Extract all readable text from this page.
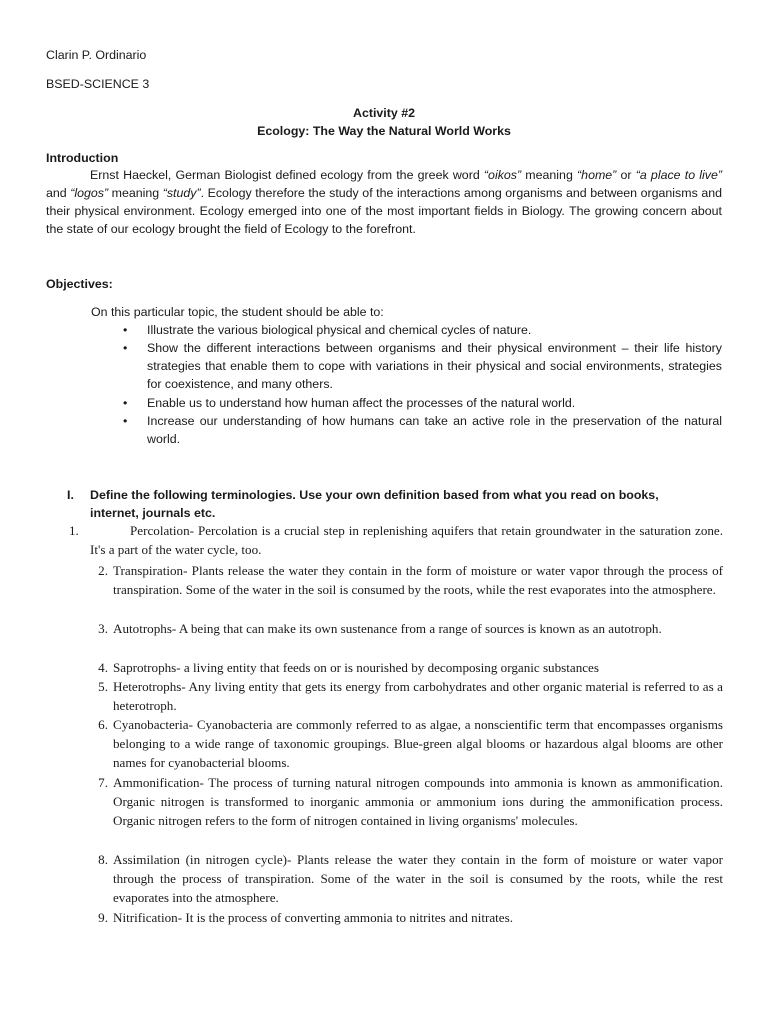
Clarin P. Ordinario
BSED-SCIENCE 3
Activity #2
Ecology: The Way the Natural World Works
Introduction
Ernst Haeckel, German Biologist defined ecology from the greek word “oikos” meaning “home” or “a place to live” and “logos” meaning “study”. Ecology therefore the study of the interactions among organisms and between organisms and their physical environment. Ecology emerged into one of the most important fields in Biology. The growing concern about the state of our ecology brought the field of Ecology to the forefront.
Objectives:
On this particular topic, the student should be able to:
•	Illustrate the various biological physical and chemical cycles of nature.
•	Show the different interactions between organisms and their physical environment – their life history strategies that enable them to cope with variations in their physical and social environments, strategies for coexistence, and many others.
•	Enable us to understand how human affect the processes of the natural world.
•	Increase our understanding of how humans can take an active role in the preservation of the natural world.
I. Define the following terminologies. Use your own definition based from what you read on books, internet, journals etc.
1.	Percolation- Percolation is a crucial step in replenishing aquifers that retain groundwater in the saturation zone. It's a part of the water cycle, too.
2. Transpiration- Plants release the water they contain in the form of moisture or water vapor through the process of transpiration. Some of the water in the soil is consumed by the roots, while the rest evaporates into the atmosphere.
3. Autotrophs- A being that can make its own sustenance from a range of sources is known as an autotroph.
4. Saprotrophs- a living entity that feeds on or is nourished by decomposing organic substances
5. Heterotrophs- Any living entity that gets its energy from carbohydrates and other organic material is referred to as a heterotroph.
6. Cyanobacteria- Cyanobacteria are commonly referred to as algae, a nonscientific term that encompasses organisms belonging to a wide range of taxonomic groupings. Blue-green algal blooms or hazardous algal blooms are other names for cyanobacterial blooms.
7. Ammonification- The process of turning natural nitrogen compounds into ammonia is known as ammonification. Organic nitrogen is transformed to inorganic ammonia or ammonium ions during the ammonification process. Organic nitrogen refers to the form of nitrogen contained in living organisms' molecules.
8. Assimilation (in nitrogen cycle)- Plants release the water they contain in the form of moisture or water vapor through the process of transpiration. Some of the water in the soil is consumed by the roots, while the rest evaporates into the atmosphere.
9. Nitrification- It is the process of converting ammonia to nitrites and nitrates.
